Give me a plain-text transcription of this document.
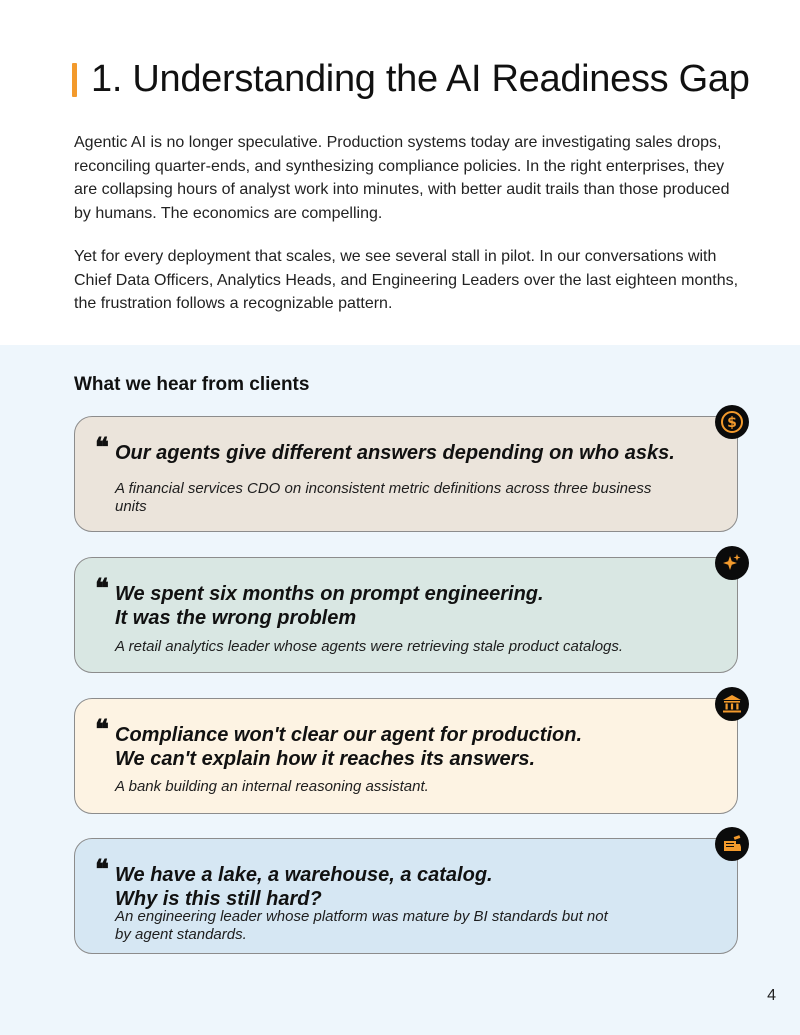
1. Understanding the AI Readiness Gap

Agentic AI is no longer speculative. Production systems today are investigating sales drops, reconciling quarter-ends, and synthesizing compliance policies. In the right enterprises, they are collapsing hours of analyst work into minutes, with better audit trails than those produced by humans. The economics are compelling.

Yet for every deployment that scales, we see several stall in pilot. In our conversations with Chief Data Officers, Analytics Heads, and Engineering Leaders over the last eighteen months, the frustration follows a recognizable pattern.

What we hear from clients
❝ Our agents give different answers depending on who asks.

A financial services CDO on inconsistent metric definitions across three business units

$
❝ We spent six months on prompt engineering.
It was the wrong problem

A retail analytics leader whose agents were retrieving stale product catalogs.

❝ Compliance won't clear our agent for production.
We can't explain how it reaches its answers.

A bank building an internal reasoning assistant.

❝ We have a lake, a warehouse, a catalog.
Why is this still hard?

An engineering leader whose platform was mature by BI standards but not by agent standards.

4
